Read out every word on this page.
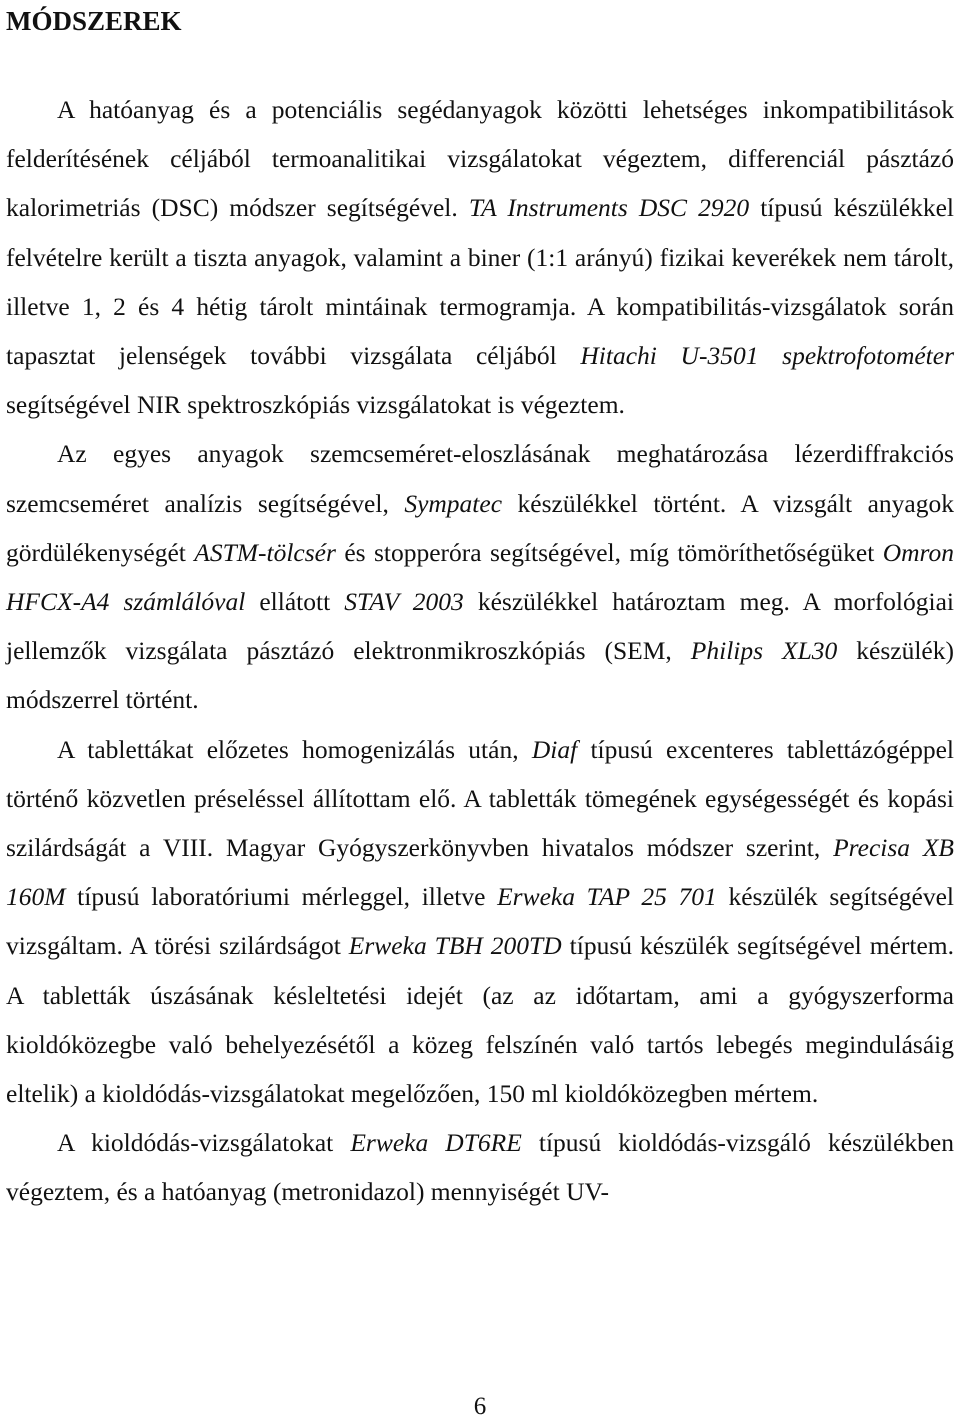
MÓDSZEREK

A hatóanyag és a potenciális segédanyagok közötti lehetséges inkompatibilitások felderítésének céljából termoanalitikai vizsgálatokat végeztem, differenciál pásztázó kalorimetriás (DSC) módszer segítségével. TA Instruments DSC 2920 típusú készülékkel felvételre került a tiszta anyagok, valamint a biner (1:1 arányú) fizikai keverékek nem tárolt, illetve 1, 2 és 4 hétig tárolt mintáinak termogramja. A kompatibilitás-vizsgálatok során tapasztat jelenségek további vizsgálata céljából Hitachi U-3501 spektrofotométer segítségével NIR spektroszkópiás vizsgálatokat is végeztem.

Az egyes anyagok szemcseméret-eloszlásának meghatározása lézerdiffrakciós szemcseméret analízis segítségével, Sympatec készülékkel történt. A vizsgált anyagok gördülékenységét ASTM-tölcsér és stopperóra segítségével, míg tömöríthetőségüket Omron HFCX-A4 számlálóval ellátott STAV 2003 készülékkel határoztam meg. A morfológiai jellemzők vizsgálata pásztázó elektronmikroszkópiás (SEM, Philips XL30 készülék) módszerrel történt.

A tablettákat előzetes homogenizálás után, Diaf típusú excenteres tablettázógéppel történő közvetlen préseléssel állítottam elő. A tabletták tömegének egységességét és kopási szilárdságát a VIII. Magyar Gyógyszerkönyvben hivatalos módszer szerint, Precisa XB 160M típusú laboratóriumi mérleggel, illetve Erweka TAP 25 701 készülék segítségével vizsgáltam. A törési szilárdságot Erweka TBH 200TD típusú készülék segítségével mértem. A tabletták úszásának késleltetési idejét (az az időtartam, ami a gyógyszerforma kioldóközegbe való behelyezésétől a közeg felszínén való tartós lebegés megindulásáig eltelik) a kioldódás-vizsgálatokat megelőzően, 150 ml kioldóközegben mértem.

A kioldódás-vizsgálatokat Erweka DT6RE típusú kioldódás-vizsgáló készülékben végeztem, és a hatóanyag (metronidazol) mennyiségét UV-

6
